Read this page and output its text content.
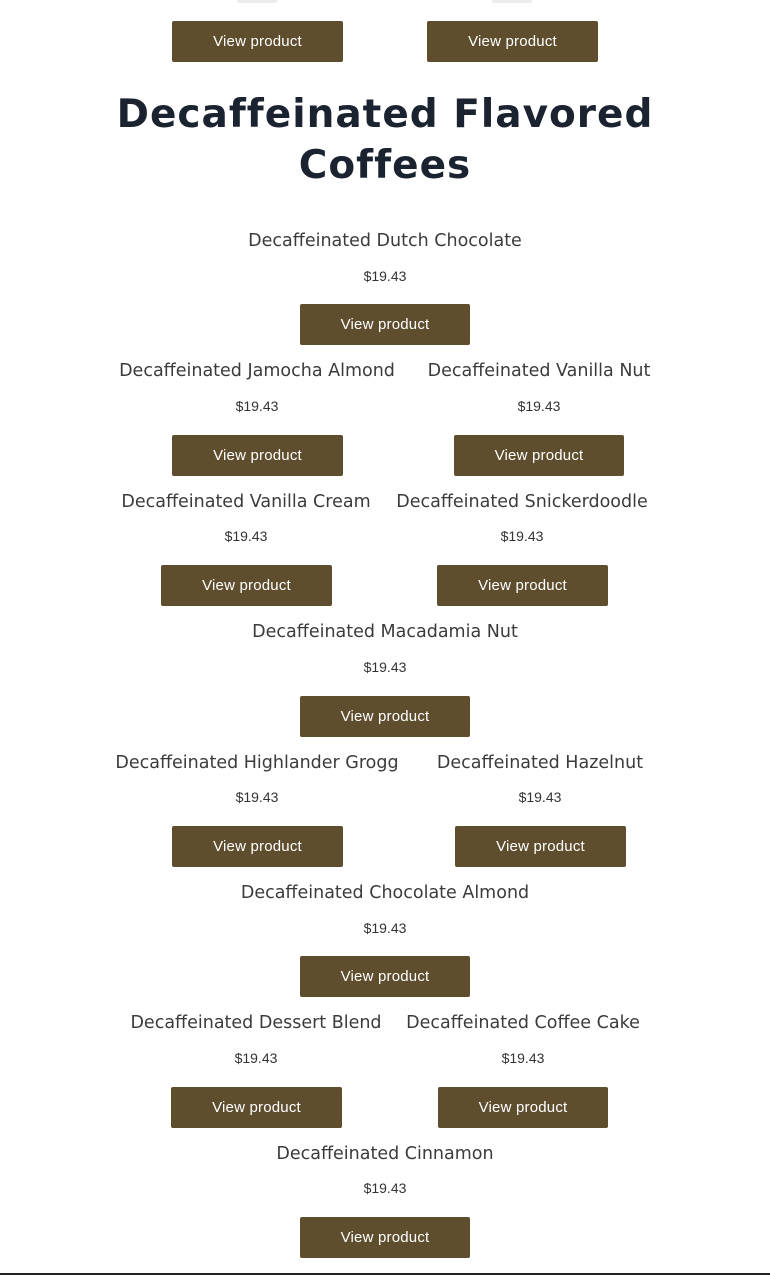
View product	View product
Decaffeinated Flavored
Coffees
Decaffeinated Dutch Chocolate
$19.43
View product
Decaffeinated Jamocha Almond
$19.43
View product
Decaffeinated Vanilla Nut
$19.43
View product
Decaffeinated Vanilla Cream
$19.43
View product
Decaffeinated Snickerdoodle
$19.43
View product
Decaffeinated Macadamia Nut
$19.43
View product
Decaffeinated Highlander Grogg
$19.43
View product
Decaffeinated Hazelnut
$19.43
View product
Decaffeinated Chocolate Almond
$19.43
View product
Decaffeinated Dessert Blend
$19.43
View product
Decaffeinated Coffee Cake
$19.43
View product
Decaffeinated Cinnamon
$19.43
View product
